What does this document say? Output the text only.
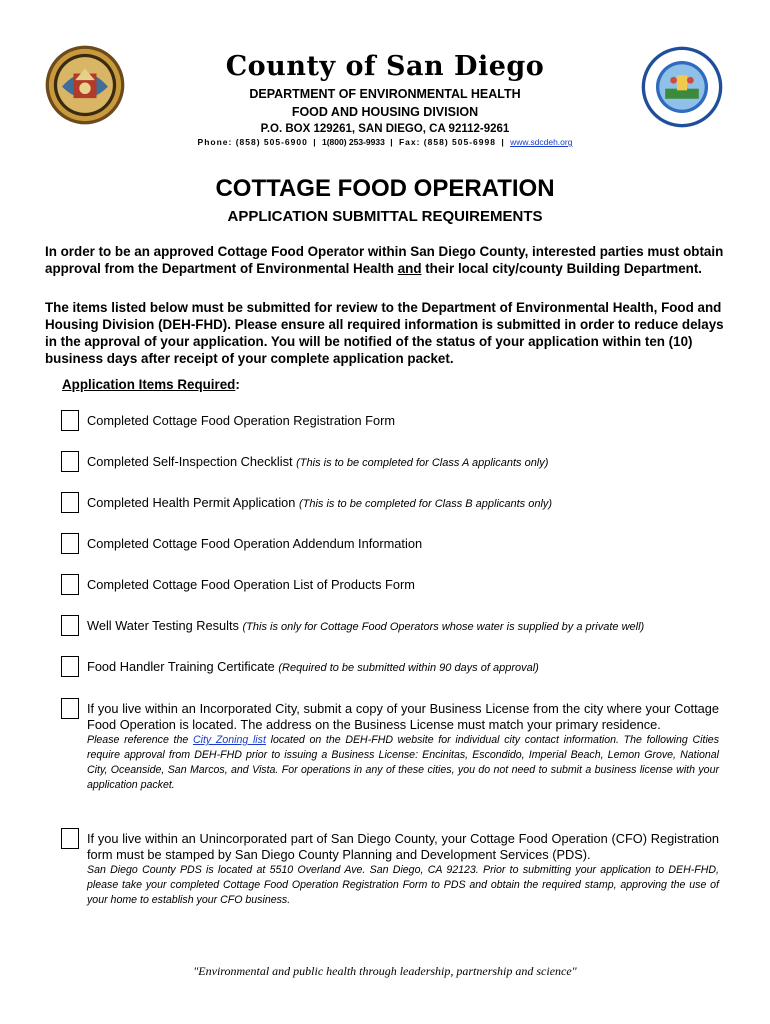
County of San Diego
DEPARTMENT OF ENVIRONMENTAL HEALTH
FOOD AND HOUSING DIVISION
P.O. BOX 129261, SAN DIEGO, CA 92112-9261
Phone: (858) 505-6900 | 1(800) 253-9933 | Fax: (858) 505-6998 | www.sdcdeh.org
COTTAGE FOOD OPERATION
APPLICATION SUBMITTAL REQUIREMENTS

In order to be an approved Cottage Food Operator within San Diego County, interested parties must obtain approval from the Department of Environmental Health and their local city/county Building Department.

The items listed below must be submitted for review to the Department of Environmental Health, Food and Housing Division (DEH-FHD). Please ensure all required information is submitted in order to reduce delays in the approval of your application. You will be notified of the status of your application within ten (10) business days after receipt of your complete application packet.

Application Items Required:
Completed Cottage Food Operation Registration Form
Completed Self-Inspection Checklist (This is to be completed for Class A applicants only)
Completed Health Permit Application (This is to be completed for Class B applicants only)
Completed Cottage Food Operation Addendum Information
Completed Cottage Food Operation List of Products Form
Well Water Testing Results (This is only for Cottage Food Operators whose water is supplied by a private well)
Food Handler Training Certificate (Required to be submitted within 90 days of approval)
If you live within an Incorporated City, submit a copy of your Business License from the city where your Cottage Food Operation is located. The address on the Business License must match your primary residence.
Please reference the City Zoning list located on the DEH-FHD website for individual city contact information. The following Cities require approval from DEH-FHD prior to issuing a Business License: Encinitas, Escondido, Imperial Beach, Lemon Grove, National City, Oceanside, San Marcos, and Vista. For operations in any of these cities, you do not need to submit a business license with your application packet.
If you live within an Unincorporated part of San Diego County, your Cottage Food Operation (CFO) Registration form must be stamped by San Diego County Planning and Development Services (PDS).
San Diego County PDS is located at 5510 Overland Ave. San Diego, CA 92123. Prior to submitting your application to DEH-FHD, please take your completed Cottage Food Operation Registration Form to PDS and obtain the required stamp, approving the use of your home to establish your CFO business.
"Environmental and public health through leadership, partnership and science"
